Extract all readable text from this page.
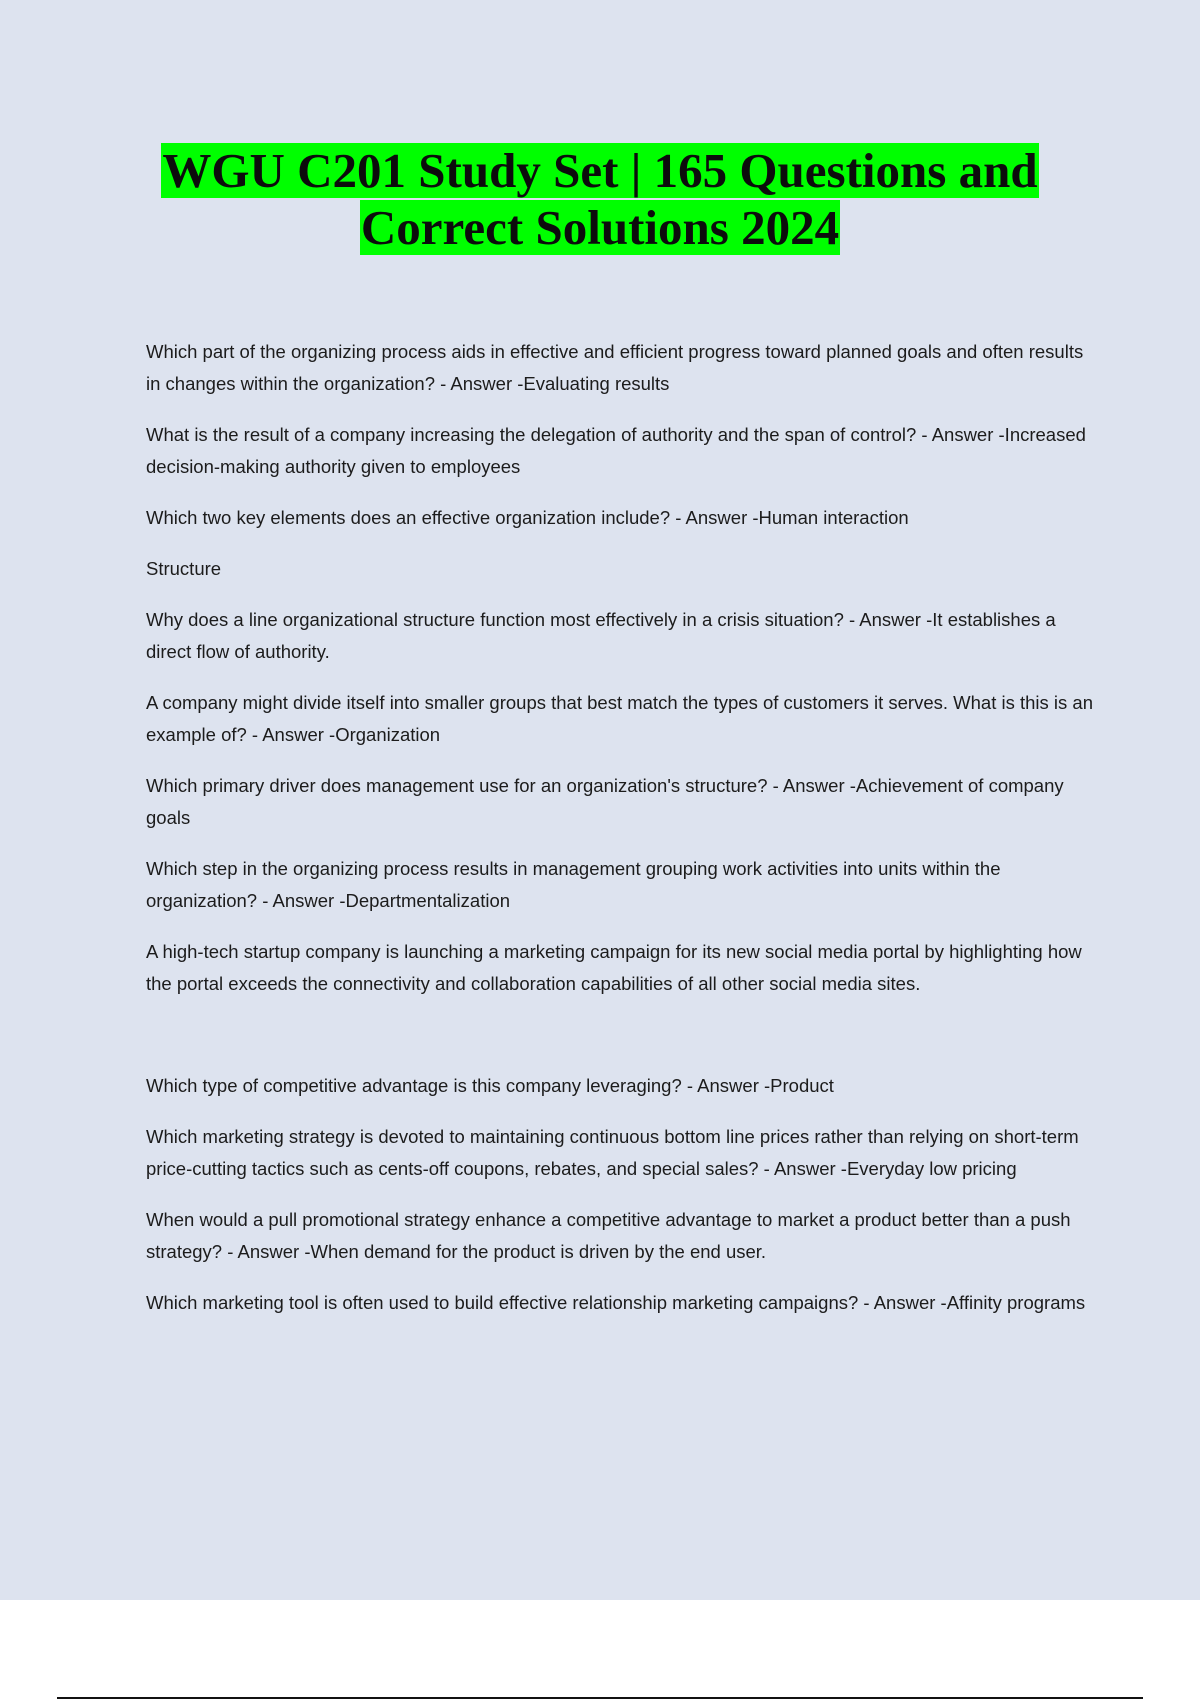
WGU C201 Study Set | 165 Questions and
Correct Solutions 2024

Which part of the organizing process aids in effective and efficient progress toward planned goals and often results in changes within the organization? - Answer -Evaluating results

What is the result of a company increasing the delegation of authority and the span of control? - Answer -Increased decision-making authority given to employees

Which two key elements does an effective organization include? - Answer -Human interaction

Structure

Why does a line organizational structure function most effectively in a crisis situation? - Answer -It establishes a direct flow of authority.

A company might divide itself into smaller groups that best match the types of customers it serves. What is this is an example of? - Answer -Organization

Which primary driver does management use for an organization's structure? - Answer -Achievement of company goals

Which step in the organizing process results in management grouping work activities into units within the organization? - Answer -Departmentalization

A high-tech startup company is launching a marketing campaign for its new social media portal by highlighting how the portal exceeds the connectivity and collaboration capabilities of all other social media sites.

Which type of competitive advantage is this company leveraging? - Answer -Product

Which marketing strategy is devoted to maintaining continuous bottom line prices rather than relying on short-term price-cutting tactics such as cents-off coupons, rebates, and special sales? - Answer -Everyday low pricing

When would a pull promotional strategy enhance a competitive advantage to market a product better than a push strategy? - Answer -When demand for the product is driven by the end user.

Which marketing tool is often used to build effective relationship marketing campaigns? - Answer -Affinity programs
